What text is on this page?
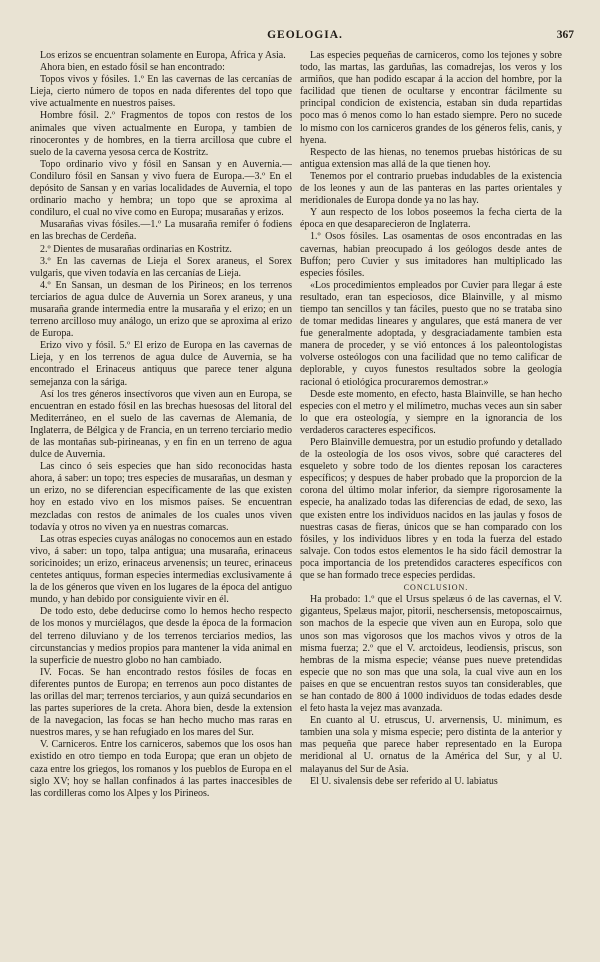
GEOLOGIA.	367

Los erizos se encuentran solamente en Europa, África y Asia.

Ahora bien, en estado fósil se han encontrado:

Topos vivos y fósiles. 1.º En las cavernas de las cercanías de Lieja, cierto número de topos en nada diferentes del topo que vive actualmente en nuestros paises.

Hombre fósil. 2.º Fragmentos de topos con restos de los animales que viven actualmente en Europa, y tambien de rinocerontes y de hombres, en la tierra arcillosa que cubre el suelo de la caverna yesosa cerca de Kostritz.

Topo ordinario vivo y fósil en Sansan y en Auvernia.—Condiluro fósil en Sansan y vivo fuera de Europa.—3.º En el depósito de Sansan y en varias localidades de Auvernia, el topo ordinario macho y hembra; un topo que se aproxima al condiluro, el cual no vive como en Europa; musarañas y erizos.

Musarañas vivas fósiles.—1.º La musaraña remifer ó fodiens en las brechas de Cerdeña.

2.º Dientes de musarañas ordinarias en Kostritz.

3.º En las cavernas de Lieja el Sorex araneus, el Sorex vulgaris, que viven todavía en las cercanías de Lieja.

4.º En Sansan, un desman de los Pirineos; en los terrenos terciarios de agua dulce de Auvernia un Sorex araneus, y una musaraña grande intermedia entre la musaraña y el erizo; en un terreno arcilloso muy análogo, un erizo que se aproxima al erizo de Europa.

Erizo vivo y fósil. 5.º El erizo de Europa en las cavernas de Lieja, y en los terrenos de agua dulce de Auvernia, se ha encontrado el Erinaceus antiquus que parece tener alguna semejanza con la sáriga.

Así los tres géneros insectívoros que viven aun en Europa, se encuentran en estado fósil en las brechas huesosas del litoral del Mediterráneo, en el suelo de las cavernas de Alemania, de Inglaterra, de Bélgica y de Francia, en un terreno terciario medio de las montañas sub-pirineanas, y en fin en un terreno de agua dulce de Auvernia.

Las cinco ó seis especies que han sido reconocidas hasta ahora, á saber: un topo; tres especies de musarañas, un desman y un erizo, no se diferencian específicamente de las que existen hoy en estado vivo en los mismos países. Se encuentran mezcladas con restos de animales de los cuales unos viven todavía y otros no viven ya en nuestras comarcas.

Las otras especies cuyas análogas no conocemos aun en estado vivo, á saber: un topo, talpa antigua; una musaraña, erinaceus soricinoides; un erizo, erinaceus arvenensis; un teurec, erinaceus centetes antiquus, forman especies intermedias exclusivamente á la de los géneros que viven en los lugares de la época del antiguo mundo, y han debido por consiguiente vivir en él.

De todo esto, debe deducirse como lo hemos hecho respecto de los monos y murciélagos, que desde la época de la formacion del terreno diluviano y de los terrenos terciarios medios, las circunstancias y medios propios para mantener la vida animal en la superficie de nuestro globo no han cambiado.

IV. Focas. Se han encontrado restos fósiles de focas en diferentes puntos de Europa; en terrenos aun poco distantes de las orillas del mar; terrenos terciarios, y aun quizá secundarios en las partes superiores de la creta. Ahora bien, desde la extension de la navegacion, las focas se han hecho mucho mas raras en nuestros mares, y se han refugiado en los mares del Sur.

V. Carniceros. Entre los carniceros, sabemos que los osos han existido en otro tiempo en toda Europa; que eran un objeto de caza entre los griegos, los romanos y los pueblos de Europa en el siglo XV; hoy se hallan confinados á las partes inaccesibles de las cordilleras como los Alpes y los Pirineos.

Las especies pequeñas de carniceros, como los tejones y sobre todo, las martas, las garduñas, las comadrejas, los veros y los armiños, que han podido escapar á la accion del hombre, por la facilidad que tienen de ocultarse y encontrar fácilmente su principal condicion de existencia, estaban sin duda repartidas poco mas ó menos como lo han estado siempre. Pero no sucede lo mismo con los carniceros grandes de los géneros felis, canis, y hyena.

Respecto de las hienas, no tenemos pruebas históricas de su antigua extension mas allá de la que tienen hoy.

Tenemos por el contrario pruebas indudables de la existencia de los leones y aun de las panteras en las partes orientales y meridionales de Europa donde ya no las hay.

Y aun respecto de los lobos poseemos la fecha cierta de la época en que desaparecieron de Inglaterra.

1.º Osos fósiles. Las osamentas de osos encontradas en las cavernas, habian preocupado á los geólogos desde antes de Buffon; pero Cuvier y sus imitadores han multiplicado las especies fósiles.

«Los procedimientos empleados por Cuvier para llegar á este resultado, eran tan especiosos, dice Blainville, y al mismo tiempo tan sencillos y tan fáciles, puesto que no se trataba sino de tomar medidas lineares y angulares, que está manera de ver fue generalmente adoptada, y desgraciadamente tambien esta manera de proceder, y se vió entonces á los paleontologistas volverse osteólogos con una facilidad que no temo calificar de deplorable, y cuyos funestos resultados sobre la geología racional ó etiológica procuraremos demostrar.»

Desde este momento, en efecto, hasta Blainville, se han hecho especies con el metro y el milímetro, muchas veces aun sin saber lo que era osteología, y siempre en la ignorancia de los verdaderos caracteres específicos.

Pero Blainville demuestra, por un estudio profundo y detallado de la osteología de los osos vivos, sobre qué caracteres del esqueleto y sobre todo de los dientes reposan los caracteres específicos; y despues de haber probado que la proporcion de la corona del último molar inferior, da siempre rigorosamente la especie, ha analizado todas las diferencias de edad, de sexo, las que existen entre los individuos nacidos en las jaulas y fosos de nuestras casas de fieras, únicos que se han comparado con los fósiles, y los individuos libres y en toda la fuerza del estado salvaje. Con todos estos elementos le ha sido fácil demostrar la poca importancia de los pretendidos caracteres específicos con que se han formado trece especies perdidas.

CONCLUSION.

Ha probado: 1.º que el Ursus spelæus ó de las cavernas, el V. giganteus, Spelæus major, pitorii, neschersensis, metoposcairnus, son machos de la especie que viven aun en Europa, solo que unos son mas vigorosos que los machos vivos y otros de la misma fuerza; 2.º que el V. arctoideus, leodiensis, priscus, son hembras de la misma especie; véanse pues nueve pretendidas especie que no son mas que una sola, la cual vive aun en los paises en que se encuentran restos suyos tan considerables, que se han contado de 800 á 1000 individuos de todas edades desde el feto hasta la vejez mas avanzada.

En cuanto al U. etruscus, U. arvernensis, U. minimum, es tambien una sola y misma especie; pero distinta de la anterior y mas pequeña que parece haber representado en la Europa meridional al U. ornatus de la América del Sur, y al U. malayanus del Sur de Asia.

El U. sivalensis debe ser referido al U. labiatus
